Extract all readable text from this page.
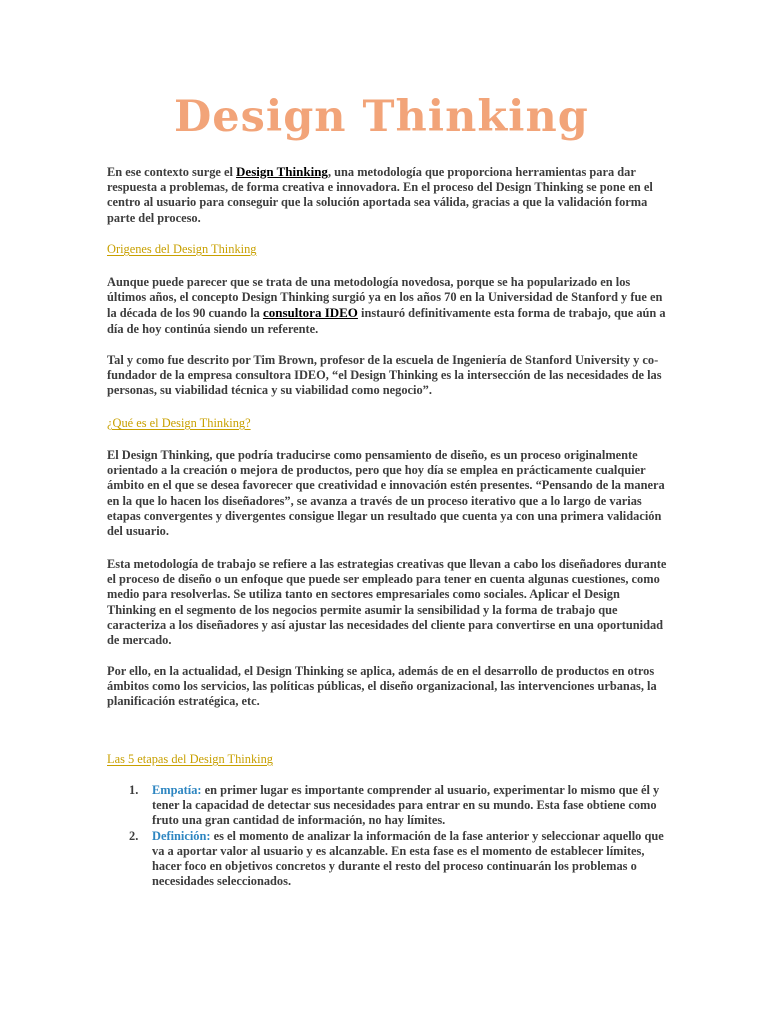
Design Thinking

En ese contexto surge el Design Thinking, una metodología que proporciona herramientas para dar respuesta a problemas, de forma creativa e innovadora. En el proceso del Design Thinking se pone en el centro al usuario para conseguir que la solución aportada sea válida, gracias a que la validación forma parte del proceso.

Origenes del Design Thinking

Aunque puede parecer que se trata de una metodología novedosa, porque se ha popularizado en los últimos años, el concepto Design Thinking surgió ya en los años 70 en la Universidad de Stanford y fue en la década de los 90 cuando la consultora IDEO instauró definitivamente esta forma de trabajo, que aún a día de hoy continúa siendo un referente.

Tal y como fue descrito por Tim Brown, profesor de la escuela de Ingeniería de Stanford University y co-fundador de la empresa consultora IDEO, “el Design Thinking es la intersección de las necesidades de las personas, su viabilidad técnica y su viabilidad como negocio”.

¿Qué es el Design Thinking?

El Design Thinking, que podría traducirse como pensamiento de diseño, es un proceso originalmente orientado a la creación o mejora de productos, pero que hoy día se emplea en prácticamente cualquier ámbito en el que se desea favorecer que creatividad e innovación estén presentes. “Pensando de la manera en la que lo hacen los diseñadores”, se avanza a través de un proceso iterativo que a lo largo de varias etapas convergentes y divergentes consigue llegar un resultado que cuenta ya con una primera validación del usuario.

Esta metodología de trabajo se refiere a las estrategias creativas que llevan a cabo los diseñadores durante el proceso de diseño o un enfoque que puede ser empleado para tener en cuenta algunas cuestiones, como medio para resolverlas. Se utiliza tanto en sectores empresariales como sociales. Aplicar el Design Thinking en el segmento de los negocios permite asumir la sensibilidad y la forma de trabajo que caracteriza a los diseñadores y así ajustar las necesidades del cliente para convertirse en una oportunidad de mercado.

Por ello, en la actualidad, el Design Thinking se aplica, además de en el desarrollo de productos en otros ámbitos como los servicios, las políticas públicas, el diseño organizacional, las intervenciones urbanas, la planificación estratégica, etc.

Las 5 etapas del Design Thinking
1. Empatía: en primer lugar es importante comprender al usuario, experimentar lo mismo que él y tener la capacidad de detectar sus necesidades para entrar en su mundo. Esta fase obtiene como fruto una gran cantidad de información, no hay límites.
2. Definición: es el momento de analizar la información de la fase anterior y seleccionar aquello que va a aportar valor al usuario y es alcanzable. En esta fase es el momento de establecer límites, hacer foco en objetivos concretos y durante el resto del proceso continuarán los problemas o necesidades seleccionados.
